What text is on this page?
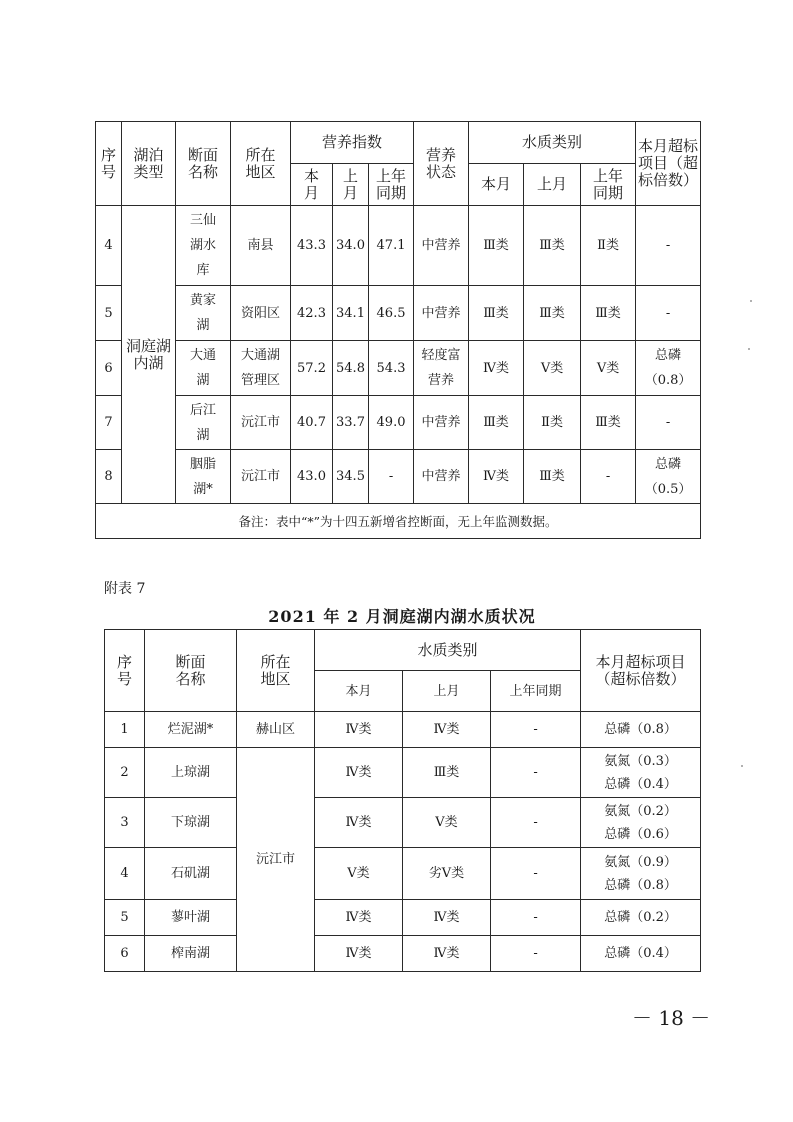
序号	湖泊类型	断面名称	所在地区	营养指数			营养状态	水质类别			本月超标项目（超标倍数）
				本月	上月	上年同期		本月	上月	上年同期	
4	洞庭湖内湖	三仙湖水库	南县	43.3	34.0	47.1	中营养	Ⅲ类	Ⅲ类	Ⅱ类	-

5		黄家湖	资阳区	42.3	34.1	46.5	中营养	Ⅲ类	Ⅲ类	Ⅲ类	-

6		大通湖	大通湖管理区	57.2	54.8	54.3	轻度富营养	Ⅳ类	Ⅴ类	Ⅴ类	总磷
（0.8）

7		后江湖	沅江市	40.7	33.7	49.0	中营养	Ⅲ类	Ⅱ类	Ⅲ类	-

8		胭脂湖*	沅江市	43.0	34.5	-	中营养	Ⅳ类	Ⅲ类	-	总磷
（0.5）

备注：表中“*”为十四五新增省控断面，无上年监测数据。											
附表 7
2021 年 2 月洞庭湖内湖水质状况
序号	断面名称	所在地区	水质类别			本月超标项目（超标倍数）
			本月	上月	上年同期	
1	烂泥湖*	赫山区	Ⅳ类	Ⅳ类	-	总磷（0.8）

2	上琼湖	沅江市	Ⅳ类	Ⅲ类	-	氨氮（0.3）
总磷（0.4）

3	下琼湖		Ⅳ类	Ⅴ类	-	氨氮（0.2）
总磷（0.6）

4	石矶湖		Ⅴ类	劣Ⅴ类	-	氨氮（0.9）
总磷（0.8）

5	蓼叶湖		Ⅳ类	Ⅳ类	-	总磷（0.2）

6	榨南湖		Ⅳ类	Ⅳ类	-	总磷（0.4）
－ 18 －
